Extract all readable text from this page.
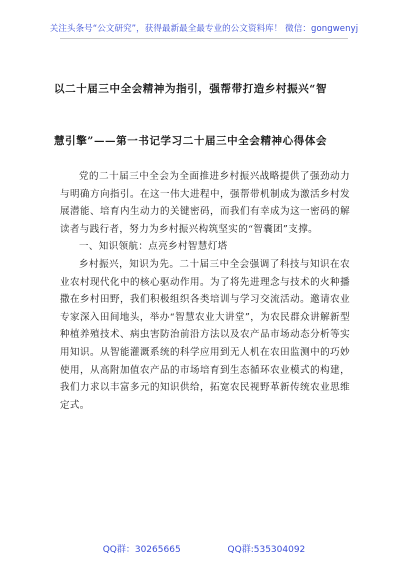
关注头条号“公文研究”，获得最新最全最专业的公文资料库！ 微信：gongwenyj
以二十届三中全会精神为指引，强帮带打造乡村振兴“智
慧引擎”——第一书记学习二十届三中全会精神心得体会

党的二十届三中全会为全面推进乡村振兴战略提供了强劲动力与明确方向指引。在这一伟大进程中，强帮带机制成为激活乡村发展潜能、培育内生动力的关键密码，而我们有幸成为这一密码的解读者与践行者，努力为乡村振兴构筑坚实的“智囊团”支撑。

一、知识领航：点亮乡村智慧灯塔

乡村振兴，知识为先。二十届三中全会强调了科技与知识在农业农村现代化中的核心驱动作用。为了将先进理念与技术的火种播撒在乡村田野，我们积极组织各类培训与学习交流活动。邀请农业专家深入田间地头，举办“智慧农业大讲堂”，为农民群众讲解新型种植养殖技术、病虫害防治前沿方法以及农产品市场动态分析等实用知识。从智能灌溉系统的科学应用到无人机在农田监测中的巧妙使用，从高附加值农产品的市场培育到生态循环农业模式的构建，我们力求以丰富多元的知识供给，拓宽农民视野革新传统农业思维定式。

QQ群：30265665	QQ群:535304092
